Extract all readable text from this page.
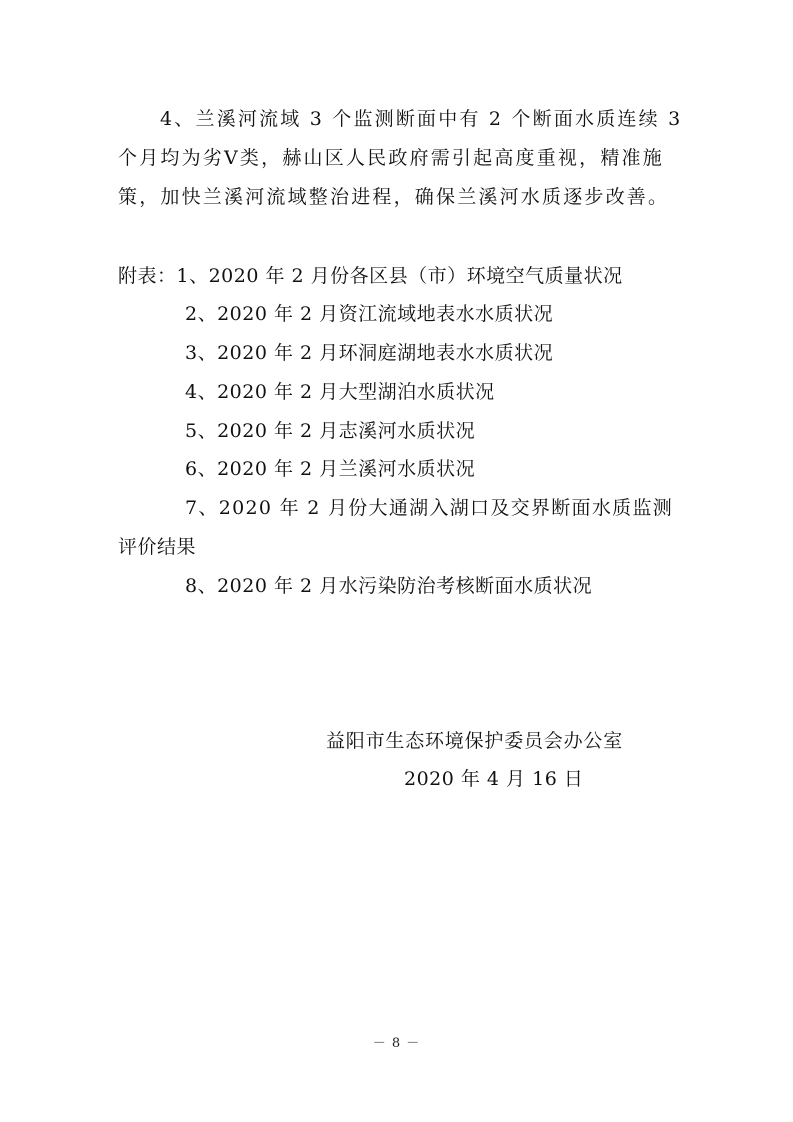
4、兰溪河流域 3 个监测断面中有 2 个断面水质连续 3
个月均为劣Ⅴ类，赫山区人民政府需引起高度重视，精准施
策，加快兰溪河流域整治进程，确保兰溪河水质逐步改善。
附表：1、2020 年 2 月份各区县（市）环境空气质量状况
2、2020 年 2 月资江流域地表水水质状况
3、2020 年 2 月环洞庭湖地表水水质状况
4、2020 年 2 月大型湖泊水质状况
5、2020 年 2 月志溪河水质状况
6、2020 年 2 月兰溪河水质状况
7、2020 年 2 月份大通湖入湖口及交界断面水质监测
评价结果
8、2020 年 2 月水污染防治考核断面水质状况
益阳市生态环境保护委员会办公室
2020 年 4 月 16 日
－ 8 －
